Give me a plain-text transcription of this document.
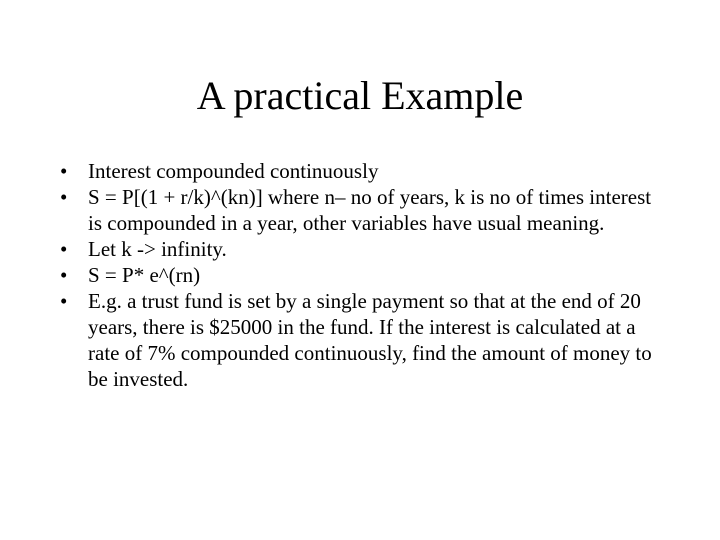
A practical Example
• Interest compounded continuously
• S = P[(1 + r/k)^(kn)] where n– no of years, k is no of times interest is compounded in a year, other variables have usual meaning.
• Let k -> infinity.
• S = P* e^(rn)
• E.g. a trust fund is set by a single payment so that at the end of 20 years, there is $25000 in the fund. If the interest is calculated at a rate of 7% compounded continuously, find the amount of money to be invested.
